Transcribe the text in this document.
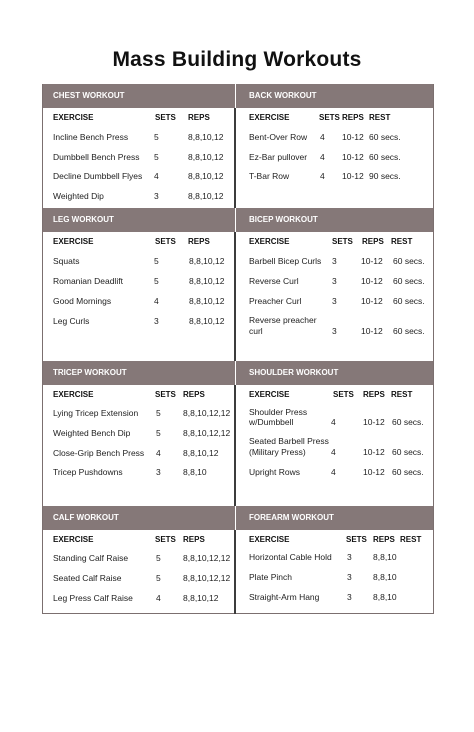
Mass Building Workouts
CHEST WORKOUT
EXERCISE	SETS REPS
Incline Bench Press	5	8,8,10,12
Dumbbell Bench Press 5	8,8,10,12
Decline Dumbbell Flyes 4	8,8,10,12
Weighted Dip	3	8,8,10,12
BACK WORKOUT
EXERCISE	SETS REPS REST
Bent-Over Row 4 10-12 60 secs.
Ez-Bar pullover 4 10-12 60 secs.
T-Bar Row	4 10-12 90 secs.
LEG WORKOUT
EXERCISE	SETS REPS
Squats	5	8,8,10,12
Romanian Deadlift	5	8,8,10,12
Good Mornings	4	8,8,10,12
Leg Curls	3	8,8,10,12
BICEP WORKOUT
EXERCISE	SETS REPS REST
Barbell Bicep Curls 3	10-12 60 secs.
Reverse Curl	3	10-12 60 secs.
Preacher Curl	3	10-12 60 secs.
Reverse preacher
curl	3	10-12 60 secs.
TRICEP WORKOUT
EXERCISE	SETS REPS
Lying Tricep Extension 5	8,8,10,12,12
Weighted Bench Dip	5	8,8,10,12,12
Close-Grip Bench Press 4	8,8,10,12
Tricep Pushdowns	3	8,8,10
SHOULDER WORKOUT
EXERCISE	SETS REPS REST
Shoulder Press
w/Dumbbell	4	10-12 60 secs.
Seated Barbell Press
(Military Press)	4	10-12 60 secs.
Upright Rows	4	10-12 60 secs.
CALF WORKOUT
EXERCISE	SETS REPS
Standing Calf Raise	5	8,8,10,12,12
Seated Calf Raise	5	8,8,10,12,12
Leg Press Calf Raise	4	8,8,10,12
FOREARM WORKOUT
EXERCISE	SETS REPS REST
Horizontal Cable Hold 3	8,8,10
Plate Pinch	3	8,8,10
Straight-Arm Hang	3	8,8,10
